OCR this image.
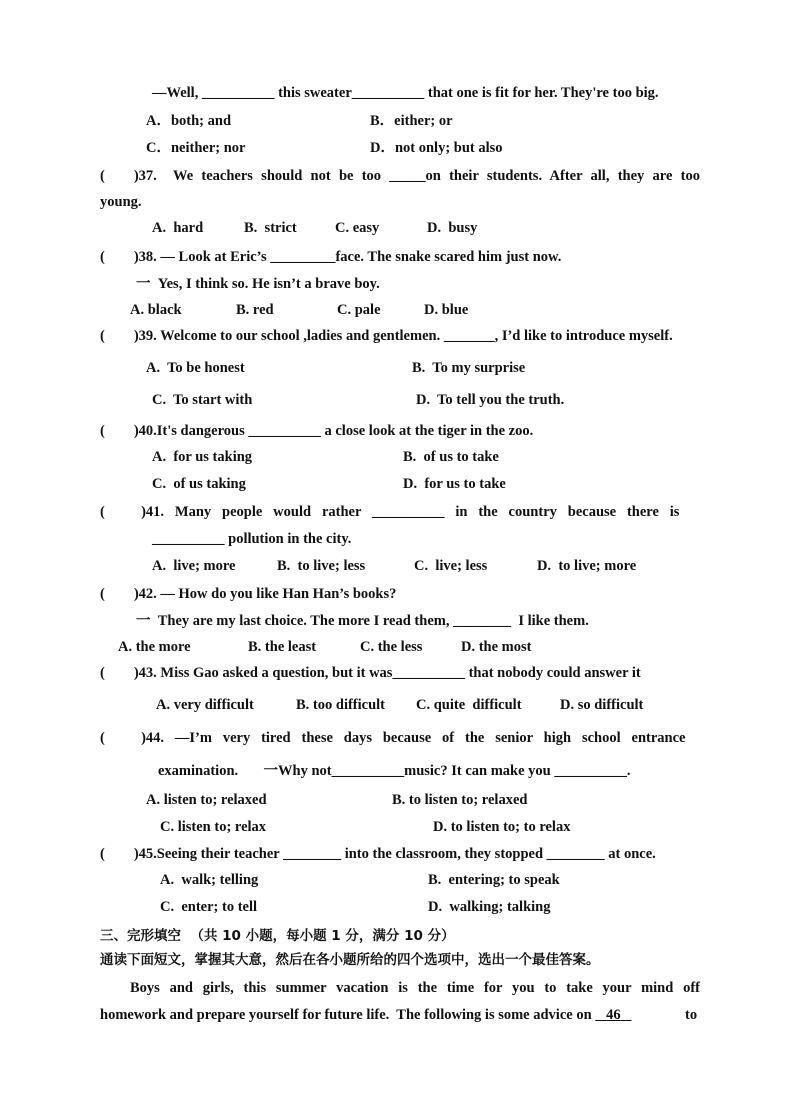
—Well, __________ this sweater__________ that one is fit for her. They're too big.
A．both; and	B．either; or
C．neither; nor	D．not only; but also
(        )37. We teachers should not be too _____on their students. After all, they are too
young.
A.  hard	B.  strict	C. easy	D.  busy
(        )38. — Look at Eric’s _________face. The snake scared him just now.
一  Yes, I think so. He isn’t a brave boy.
A. black	B. red	C. pale	D. blue
(        )39. Welcome to our school ,ladies and gentlemen. _______, I’d like to introduce myself.
A.  To be honest	B.  To my surprise
C.  To start with	D.  To tell you the truth.
(        )40.It's dangerous __________ a close look at the tiger in the zoo.
A.  for us taking	B.  of us to take
C.  of us taking	D.  for us to take
(          )41.   Many   people   would   rather   __________   in   the   country   because   there   is
__________ pollution in the city.
A.  live; more	B.  to live; less	C.  live; less	D.  to live; more
(        )42. — How do you like Han Han’s books?
一  They are my last choice. The more I read them, ________  I like them.
A. the more	B. the least	C. the less	D. the most
(        )43. Miss Gao asked a question, but it was__________ that nobody could answer it
A. very difficult	B. too difficult C. quite  difficult	D. so difficult
(          )44.   —I’m   very   tired   these   days   because   of   the   senior   high   school   entrance
examination.       一Why not__________music? It can make you __________.
A. listen to; relaxed	B. to listen to; relaxed
C. listen to; relax	D. to listen to; to relax
(        )45.Seeing their teacher ________ into the classroom, they stopped ________ at once.
A.  walk; telling	B.  entering; to speak
C.  enter; to tell	D.  walking; talking
三、完形填空  （共 10 小题，每小题 1 分，满分 10 分）
通读下面短文，掌握其大意，然后在各小题所给的四个选项中，选出一个最佳答案。
Boys and girls, this summer vacation is the time for you to take your mind off
homework and prepare yourself for future life.  The following is some advice on 46	to
